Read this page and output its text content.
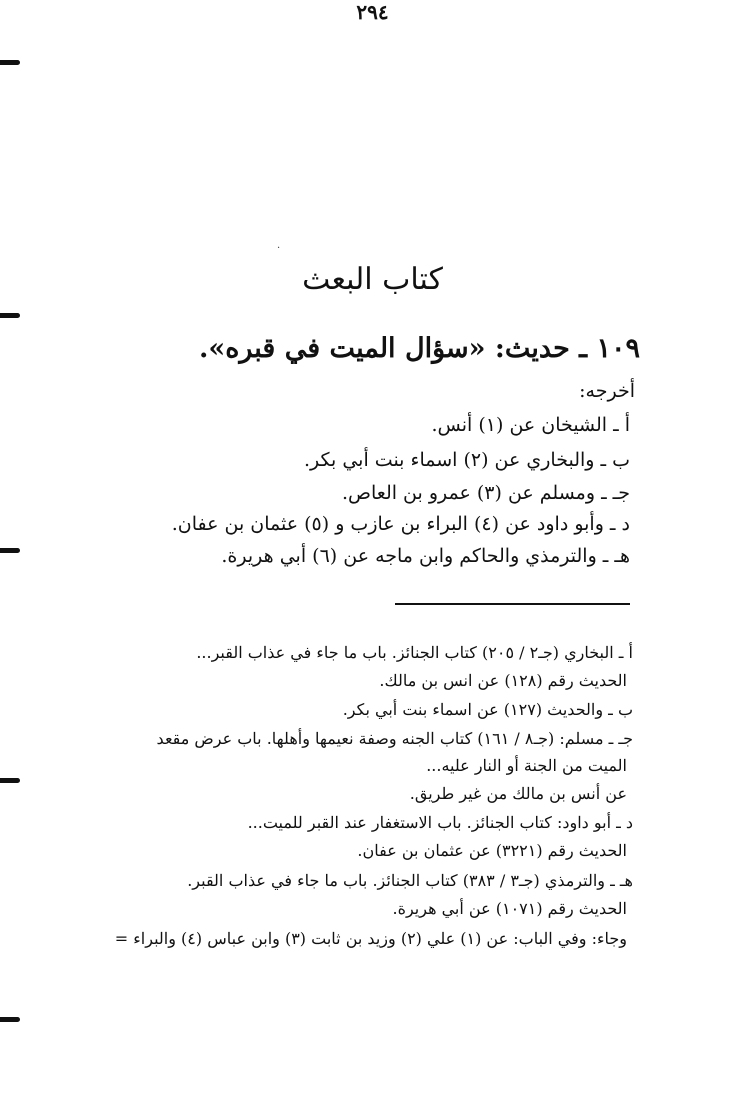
·
كتاب البعث
١٠٩ ـ حديث: «سؤال الميت في قبره».
أخرجه:
أ ـ الشيخان عن (١) أنس.
ب ـ والبخاري عن (٢) اسماء بنت أبي بكر.
جـ ـ ومسلم عن (٣) عمرو بن العاص.
د ـ وأبو داود عن (٤) البراء بن عازب و (٥) عثمان بن عفان.
هـ ـ والترمذي والحاكم وابن ماجه عن (٦) أبي هريرة.
أ ـ البخاري (جـ٢ / ٢٠٥) كتاب الجنائز. باب ما جاء في عذاب القبر...
الحديث رقم (١٢٨) عن انس بن مالك.
ب ـ والحديث (١٢٧) عن اسماء بنت أبي بكر.
جـ ـ مسلم: (جـ٨ / ١٦١) كتاب الجنه وصفة نعيمها وأهلها. باب عرض مقعد
الميت من الجنة أو النار عليه...
عن أنس بن مالك من غير طريق.
د ـ أبو داود: كتاب الجنائز. باب الاستغفار عند القبر للميت...
الحديث رقم (٣٢٢١) عن عثمان بن عفان.
هـ ـ والترمذي (جـ٣ / ٣٨٣) كتاب الجنائز. باب ما جاء في عذاب القبر.
الحديث رقم (١٠٧١) عن أبي هريرة.
وجاء: وفي الباب: عن (١) علي (٢) وزيد بن ثابت (٣) وابن عباس (٤) والبراء =
٢٩٤
